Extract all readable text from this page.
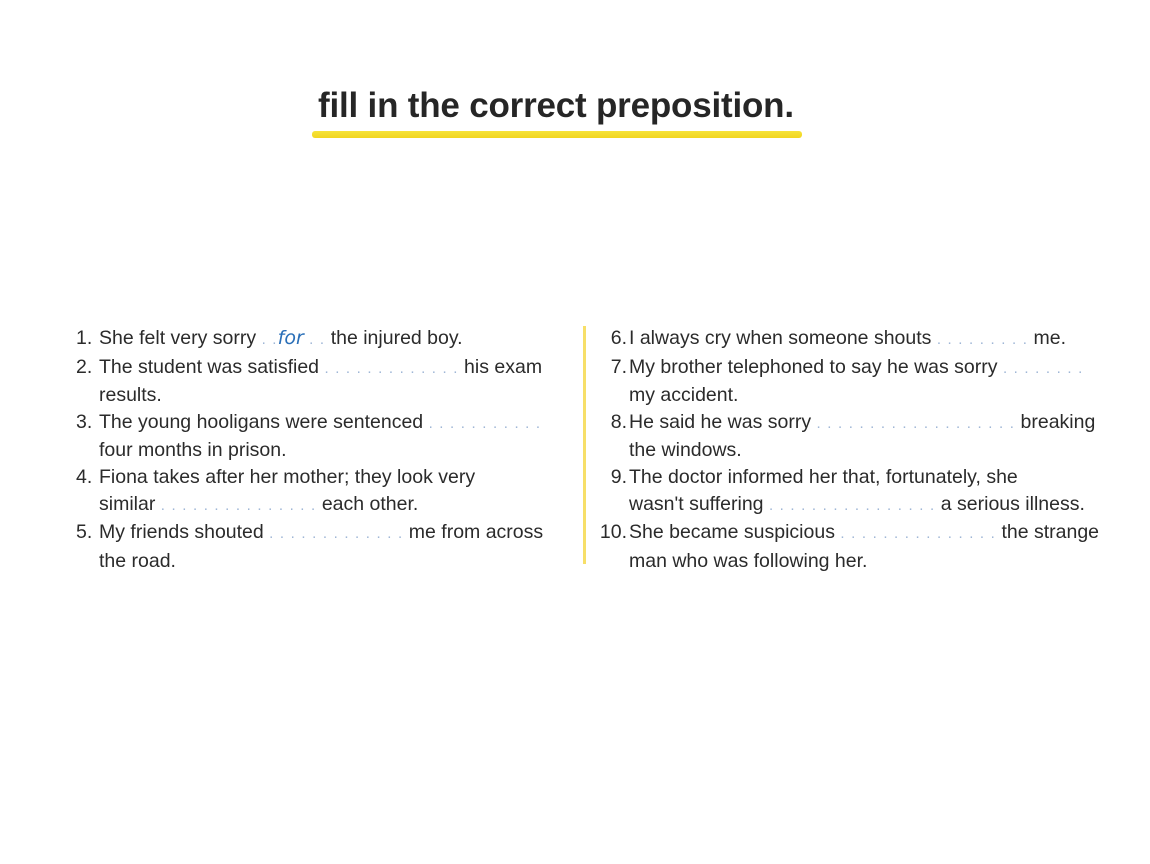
fill in the correct preposition.
1. She felt very sorry . .for . . the injured boy.
2. The student was satisfied . . . . . . . . . . . . . his exam
results.
3. The young hooligans were sentenced . . . . . . . . . . .
four months in prison.
4. Fiona takes after her mother; they look very
similar . . . . . . . . . . . . . . . each other.
5. My friends shouted . . . . . . . . . . . . . me from across
the road.
6. I always cry when someone shouts . . . . . . . . . me.
7. My brother telephoned to say he was sorry . . . . . . . .
my accident.
8. He said he was sorry . . . . . . . . . . . . . . . . . . . breaking
the windows.
9. The doctor informed her that, fortunately, she
wasn't suffering . . . . . . . . . . . . . . . . a serious illness.
10. She became suspicious . . . . . . . . . . . . . . . the strange
man who was following her.
